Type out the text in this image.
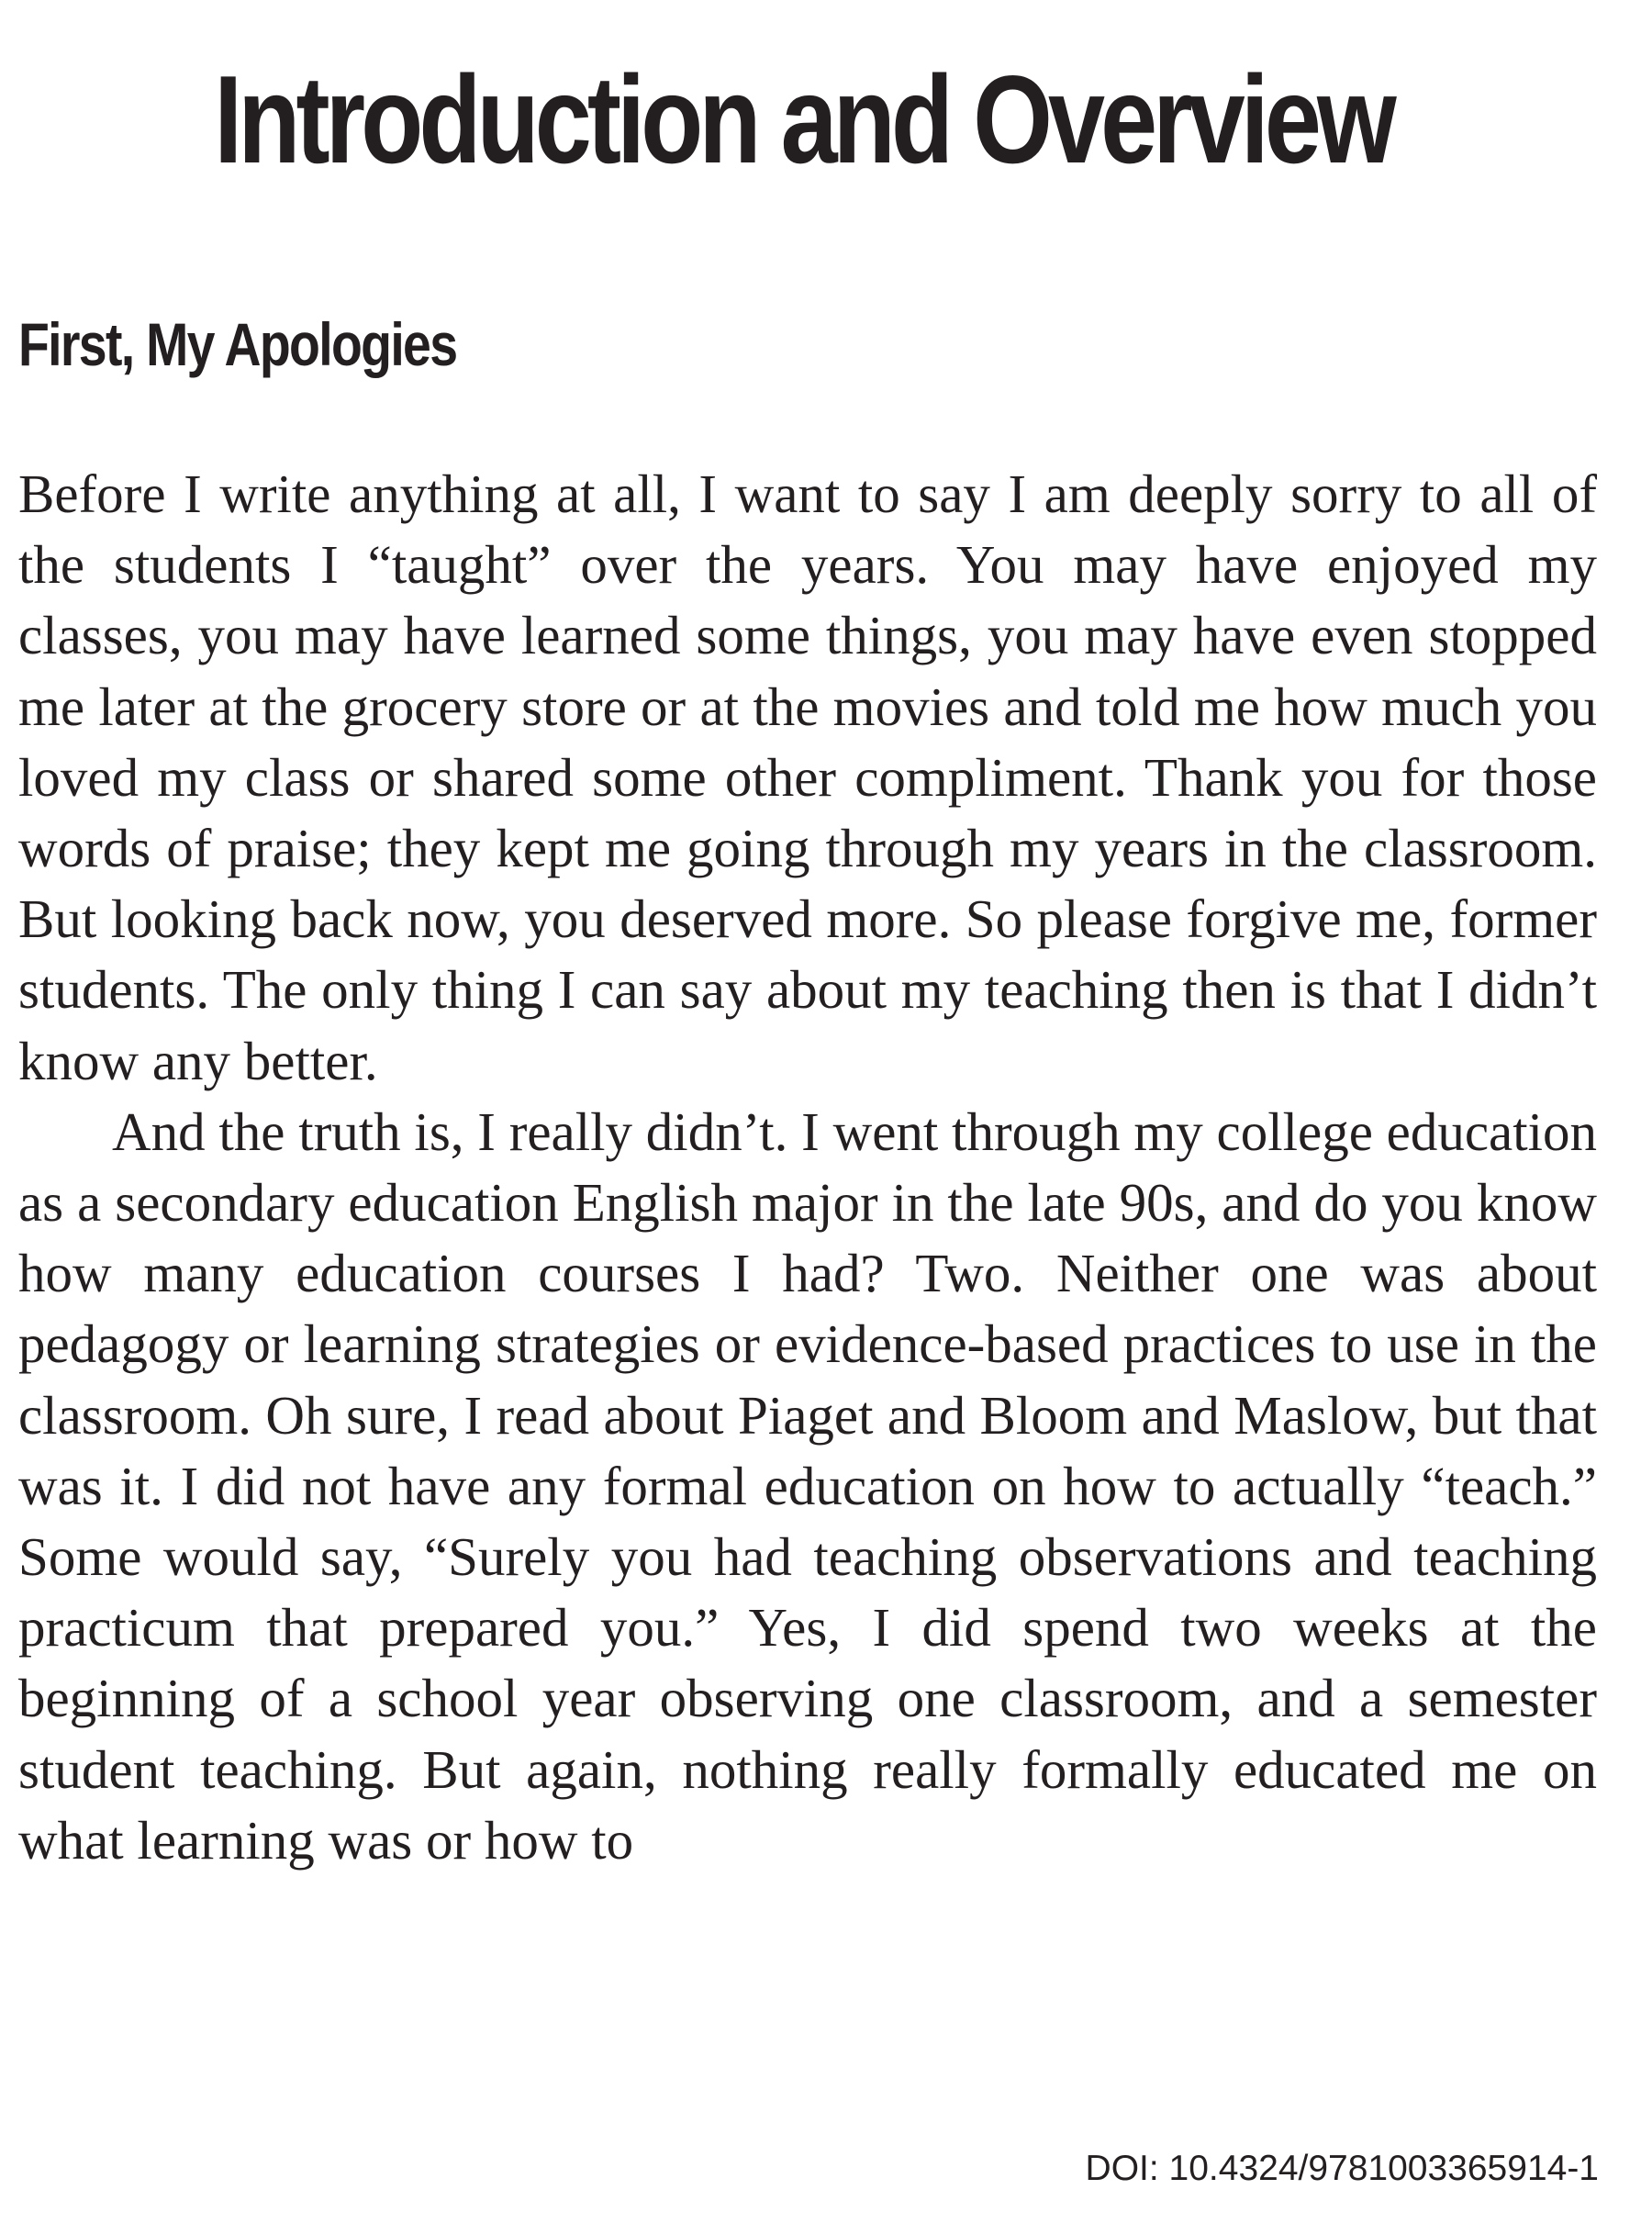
Introduction and Overview
First, My Apologies

Before I write anything at all, I want to say I am deeply sorry to all of the students I “taught” over the years. You may have enjoyed my classes, you may have learned some things, you may have even stopped me later at the grocery store or at the movies and told me how much you loved my class or shared some other compliment. Thank you for those words of praise; they kept me going through my years in the classroom. But looking back now, you deserved more. So please forgive me, former students. The only thing I can say about my teaching then is that I didn’t know any better.

And the truth is, I really didn’t. I went through my college education as a secondary education English major in the late 90s, and do you know how many education courses I had? Two. Neither one was about pedagogy or learning strategies or evidence-based practices to use in the classroom. Oh sure, I read about Piaget and Bloom and Maslow, but that was it. I did not have any formal education on how to actually “teach.” Some would say, “Surely you had teaching observations and teaching practicum that prepared you.” Yes, I did spend two weeks at the beginning of a school year observing one classroom, and a semester student teaching. But again, nothing really formally educated me on what learning was or how to

DOI: 10.4324/9781003365914-1
